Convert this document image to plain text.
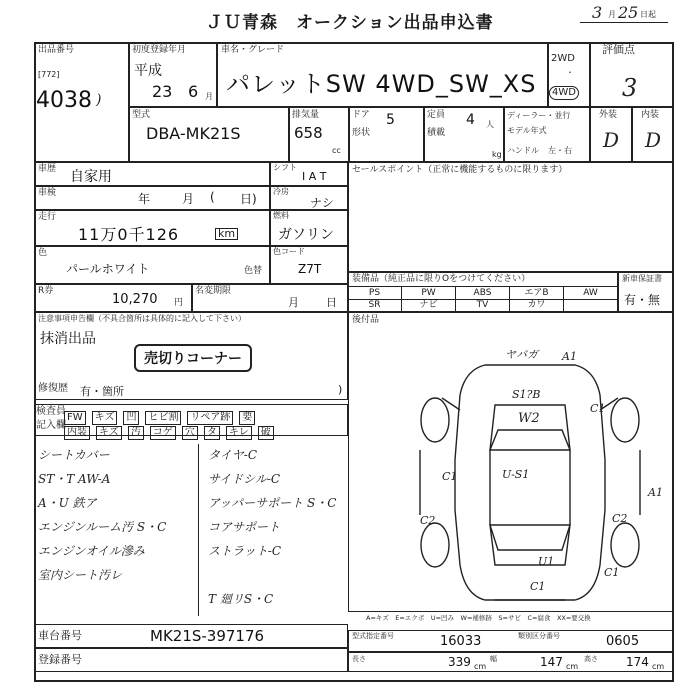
ＪＵ青森　オークション出品申込書
3 月 25 日起
出品番号
[772]
4038 )
初度登録年月
平成
23 6 月
車名・グレード
パレットSW 4WD_SW_XS
2WD
・
4WD
評価点
3
型式
DBA-MK21S
排気量
658
cc
ドア 5
形状
定員 4 人
積載
kg
ディーラー・並行
モデル年式
ハンドル 左・右
外装	内装
D D
車歴 自家用
車検	年	月 ( 日)
走行
11万0千126	km
色
パールホワイト	色替
R券
10,270 円
名変期限
月 日
シフト
I A T
冷房
ナシ
燃料
ガソリン
色コード
Z7T
セールスポイント（正常に機能するものに限ります）
装備品（純正品に限りOをつけてください）
PS	PW	ABS	エアB	AW
SR	ナビ	TV	カワ
新車保証書
有・無
後付品
注意事項申告欄（不具合箇所は具体的に記入して下さい）
抹消出品
売切りコーナー
修復歴 有・箇所	)
検査員
記入欄
FW キズ 凹 ヒビ割 リペア跡 要
内装 キズ 汚 コゲ 穴 タ キレ 破
シートカバー
ST・T AW-A
A・U 鉄ア
エンジンルーム汚 S・C
エンジンオイル滲み
室内シート汚レ
タイヤ-C
サイドシル-C
アッパーサポート S・C
コアサポート
ストラット-C
T 廻リS・C
ヤバガ A1
S1?B
W2
C1
C1
U-S1
A1
C2	C2
U1
C1
C1
A=キズ　E=エクボ　U=凹み　W=補修跡　S=サビ　C=腐食　XX=要交換
車台番号	MK21S-397176
登録番号
型式指定番号	16033	類別区分番号	0605
長さ	339 cm
幅	147 cm
高さ 174 cm
